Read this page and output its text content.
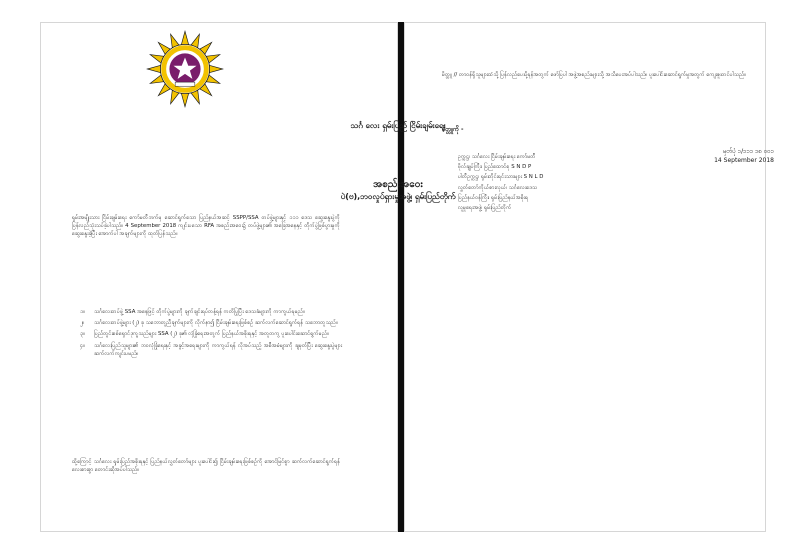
သင်္ဂ လေး ရှမ်းပြည် ငြိမ်းချမ်းရေး
မှတ်ပုံ ၁/၁၁၁ ၁၈ ၀၀၁
14 September 2018
အစည်းအဝေး
ပဲ(ဗ),ဘဝလှုပ်ရှားမှုအဖွဲ့၊ ရှမ်းပြည်တိုက်
ရှမ်းအမျိုးသား ငြိမ်းချမ်းရေး ကော်မတီဘက်မှ ဆောင်ရွက်သော ပြည်နယ်အဆင့် SSPP/SSA တပ်ဖွဲ့များနှင့် ၁၁၁ ဒေသ ဆွေးနွေးပွဲကို ပြန်လည်သုံးသပ်ခဲ့ပါသည်။ 4 September 2018 ကျင်းပသော RFA အစည်းအဝေး၌ တပ်ဖွဲ့များ၏ အခြေအနေနှင့် တိုက်ပွဲဖြစ်ပွားမှုကို ဆွေးနွေးခဲ့ပြီး အောက်ပါ အချက်များကို ထုတ်ပြန်သည်။
၁။ သင်္ဂလေးတပ်ဖွဲ့ SSA အနေဖြင့် တိုက်ပွဲများကို ချက်ချင်းရပ်တန့်ရန် ကတိပြုပြီး ဒေသခံများကို ကာကွယ်ရမည်။
၂။ သင်္ဂလေးတပ်ဖွဲ့များ (၂) ခု သဘောတူညီချက်များကို လိုက်နာ၍ ငြိမ်းချမ်းရေးဖြစ်စဉ် ဆက်လက်ဆောင်ရွက်ရန် သဘောတူသည်။
၃။ ပြည်တွင်းစစ်ရှောင်ဒုက္ခသည်များ SSA (၂) ခု၏ လုံခြုံရေးအတွက် ပြည်နယ်အစိုးရနှင့် အတူတကွ ပူးပေါင်းဆောင်ရွက်မည်။
၄။ သင်္ဂလေးပြည်သူများ၏ ဘဝလုံခြုံရေးနှင့် အခွင့်အရေးများကို ကာကွယ်ရန် လိုအပ်သည့် အစီအမံများကို ချမှတ်ပြီး ဆွေးနွေးပွဲများ ဆက်လက်ကျင်းပမည်။
ထို့ကြောင့် သင်္ဂလေး ရှမ်းပြည်အစိုးရနှင့် ပြည်နယ်လွှတ်တော်များ ပူးပေါင်း၍ ငြိမ်းချမ်းရေးဖြစ်စဉ်ကို အောင်မြင်စွာ ဆက်လက်ဆောင်ရွက်ရန် လေးစားစွာ တောင်းဆိုအပ်ပါသည်။
မိတ္တူ // တာဝန်ရှိသူများထံသို့ ပြန်လည်ပေးပို့ရန်အတွက် ဖော်ပြပါ အဖွဲ့အစည်းများသို့ အသိပေးအပ်ပါသည်။ ပူးပေါင်းဆောင်ရွက်မှုအတွက် ကျေးဇူးတင်ပါသည်။
မိတ္တူကို -
ဥက္ကဋ္ဌ၊ သင်္ဂလေး ငြိမ်းချမ်းရေး ကော်မတီ
ဗိုလ်ချုပ်ကြီး၊ ပြည်ထောင်စု S N D P
ပါတီဥက္ကဋ္ဌ၊ ရှမ်းတိုင်းရင်းသားများ S N L D
လွှတ်တော်ကိုယ်စားလှယ်၊ သင်္ဂလေးဒေသ
ပြည်နယ်ဝန်ကြီး၊ ရှမ်းပြည်နယ်အစိုးရ
လူမှုရေးအဖွဲ့၊ ရှမ်းပြည်တိုက်
